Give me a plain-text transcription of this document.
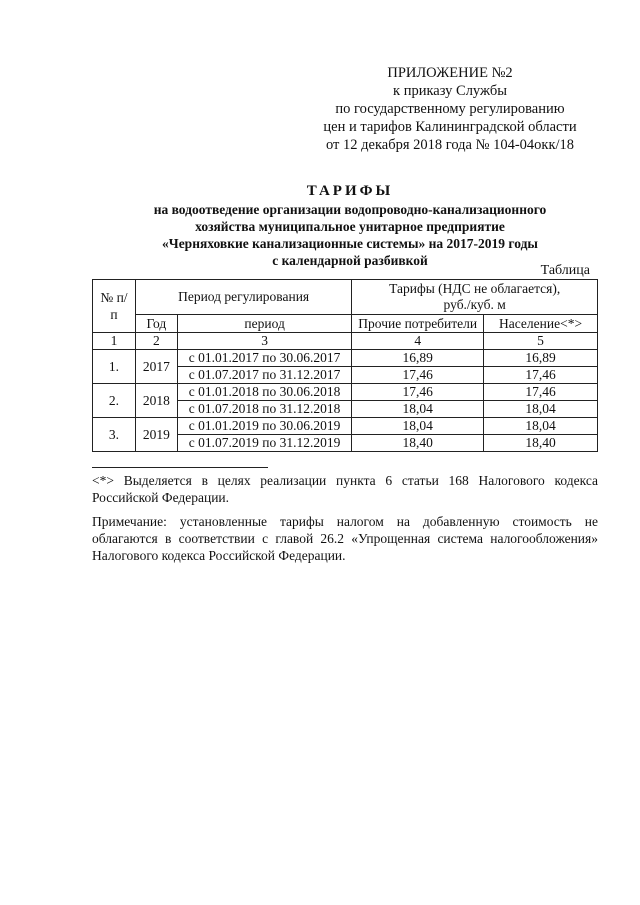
ПРИЛОЖЕНИЕ №2
к приказу Службы
по государственному регулированию
цен и тарифов Калининградской области
от 12 декабря 2018 года № 104-04окк/18
ТАРИФЫ
на водоотведение организации водопроводно-канализационного
хозяйства муниципальное унитарное предприятие
«Черняховкие канализационные системы» на 2017-2019 годы
с календарной разбивкой
Таблица
№ п/п	Период регулирования		Тарифы (НДС не облагается), руб./куб. м	
	Год	период	Прочие потребители	Население<*>
1	2	3	4	5
1.	2017	с 01.01.2017 по 30.06.2017	16,89	16,89
		с 01.07.2017 по 31.12.2017	17,46	17,46
2.	2018	с 01.01.2018 по 30.06.2018	17,46	17,46
		с 01.07.2018 по 31.12.2018	18,04	18,04
3.	2019	с 01.01.2019 по 30.06.2019	18,04	18,04
		с 01.07.2019 по 31.12.2019	18,40	18,40
<*> Выделяется в целях реализации пункта 6 статьи 168 Налогового кодекса Российской Федерации.
Примечание: установленные тарифы налогом на добавленную стоимость не облагаются в соответствии с главой 26.2 «Упрощенная система налогообложения» Налогового кодекса Российской Федерации.
